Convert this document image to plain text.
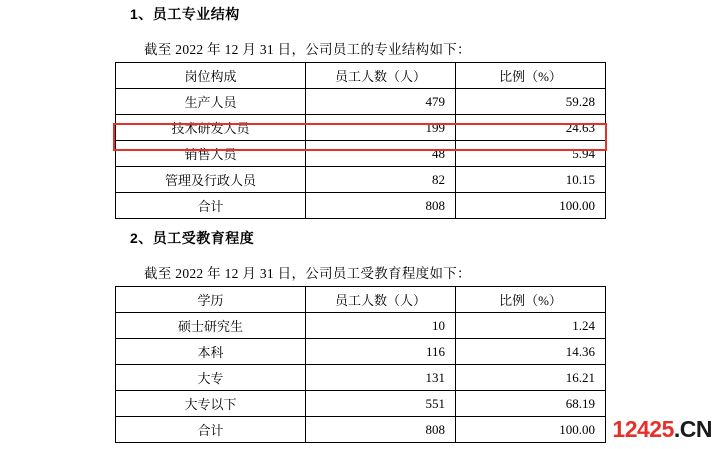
1、员工专业结构
截至 2022 年 12 月 31 日，公司员工的专业结构如下：
岗位构成	员工人数（人）	比例（%）
生产人员	479	59.28
技术研发人员	199	24.63
销售人员	48	5.94
管理及行政人员	82	10.15
合计	808	100.00
2、员工受教育程度
截至 2022 年 12 月 31 日，公司员工受教育程度如下：
学历	员工人数（人）	比例（%）
硕士研究生	10	1.24
本科	116	14.36
大专	131	16.21
大专以下	551	68.19
合计	808	100.00 12425.CN
